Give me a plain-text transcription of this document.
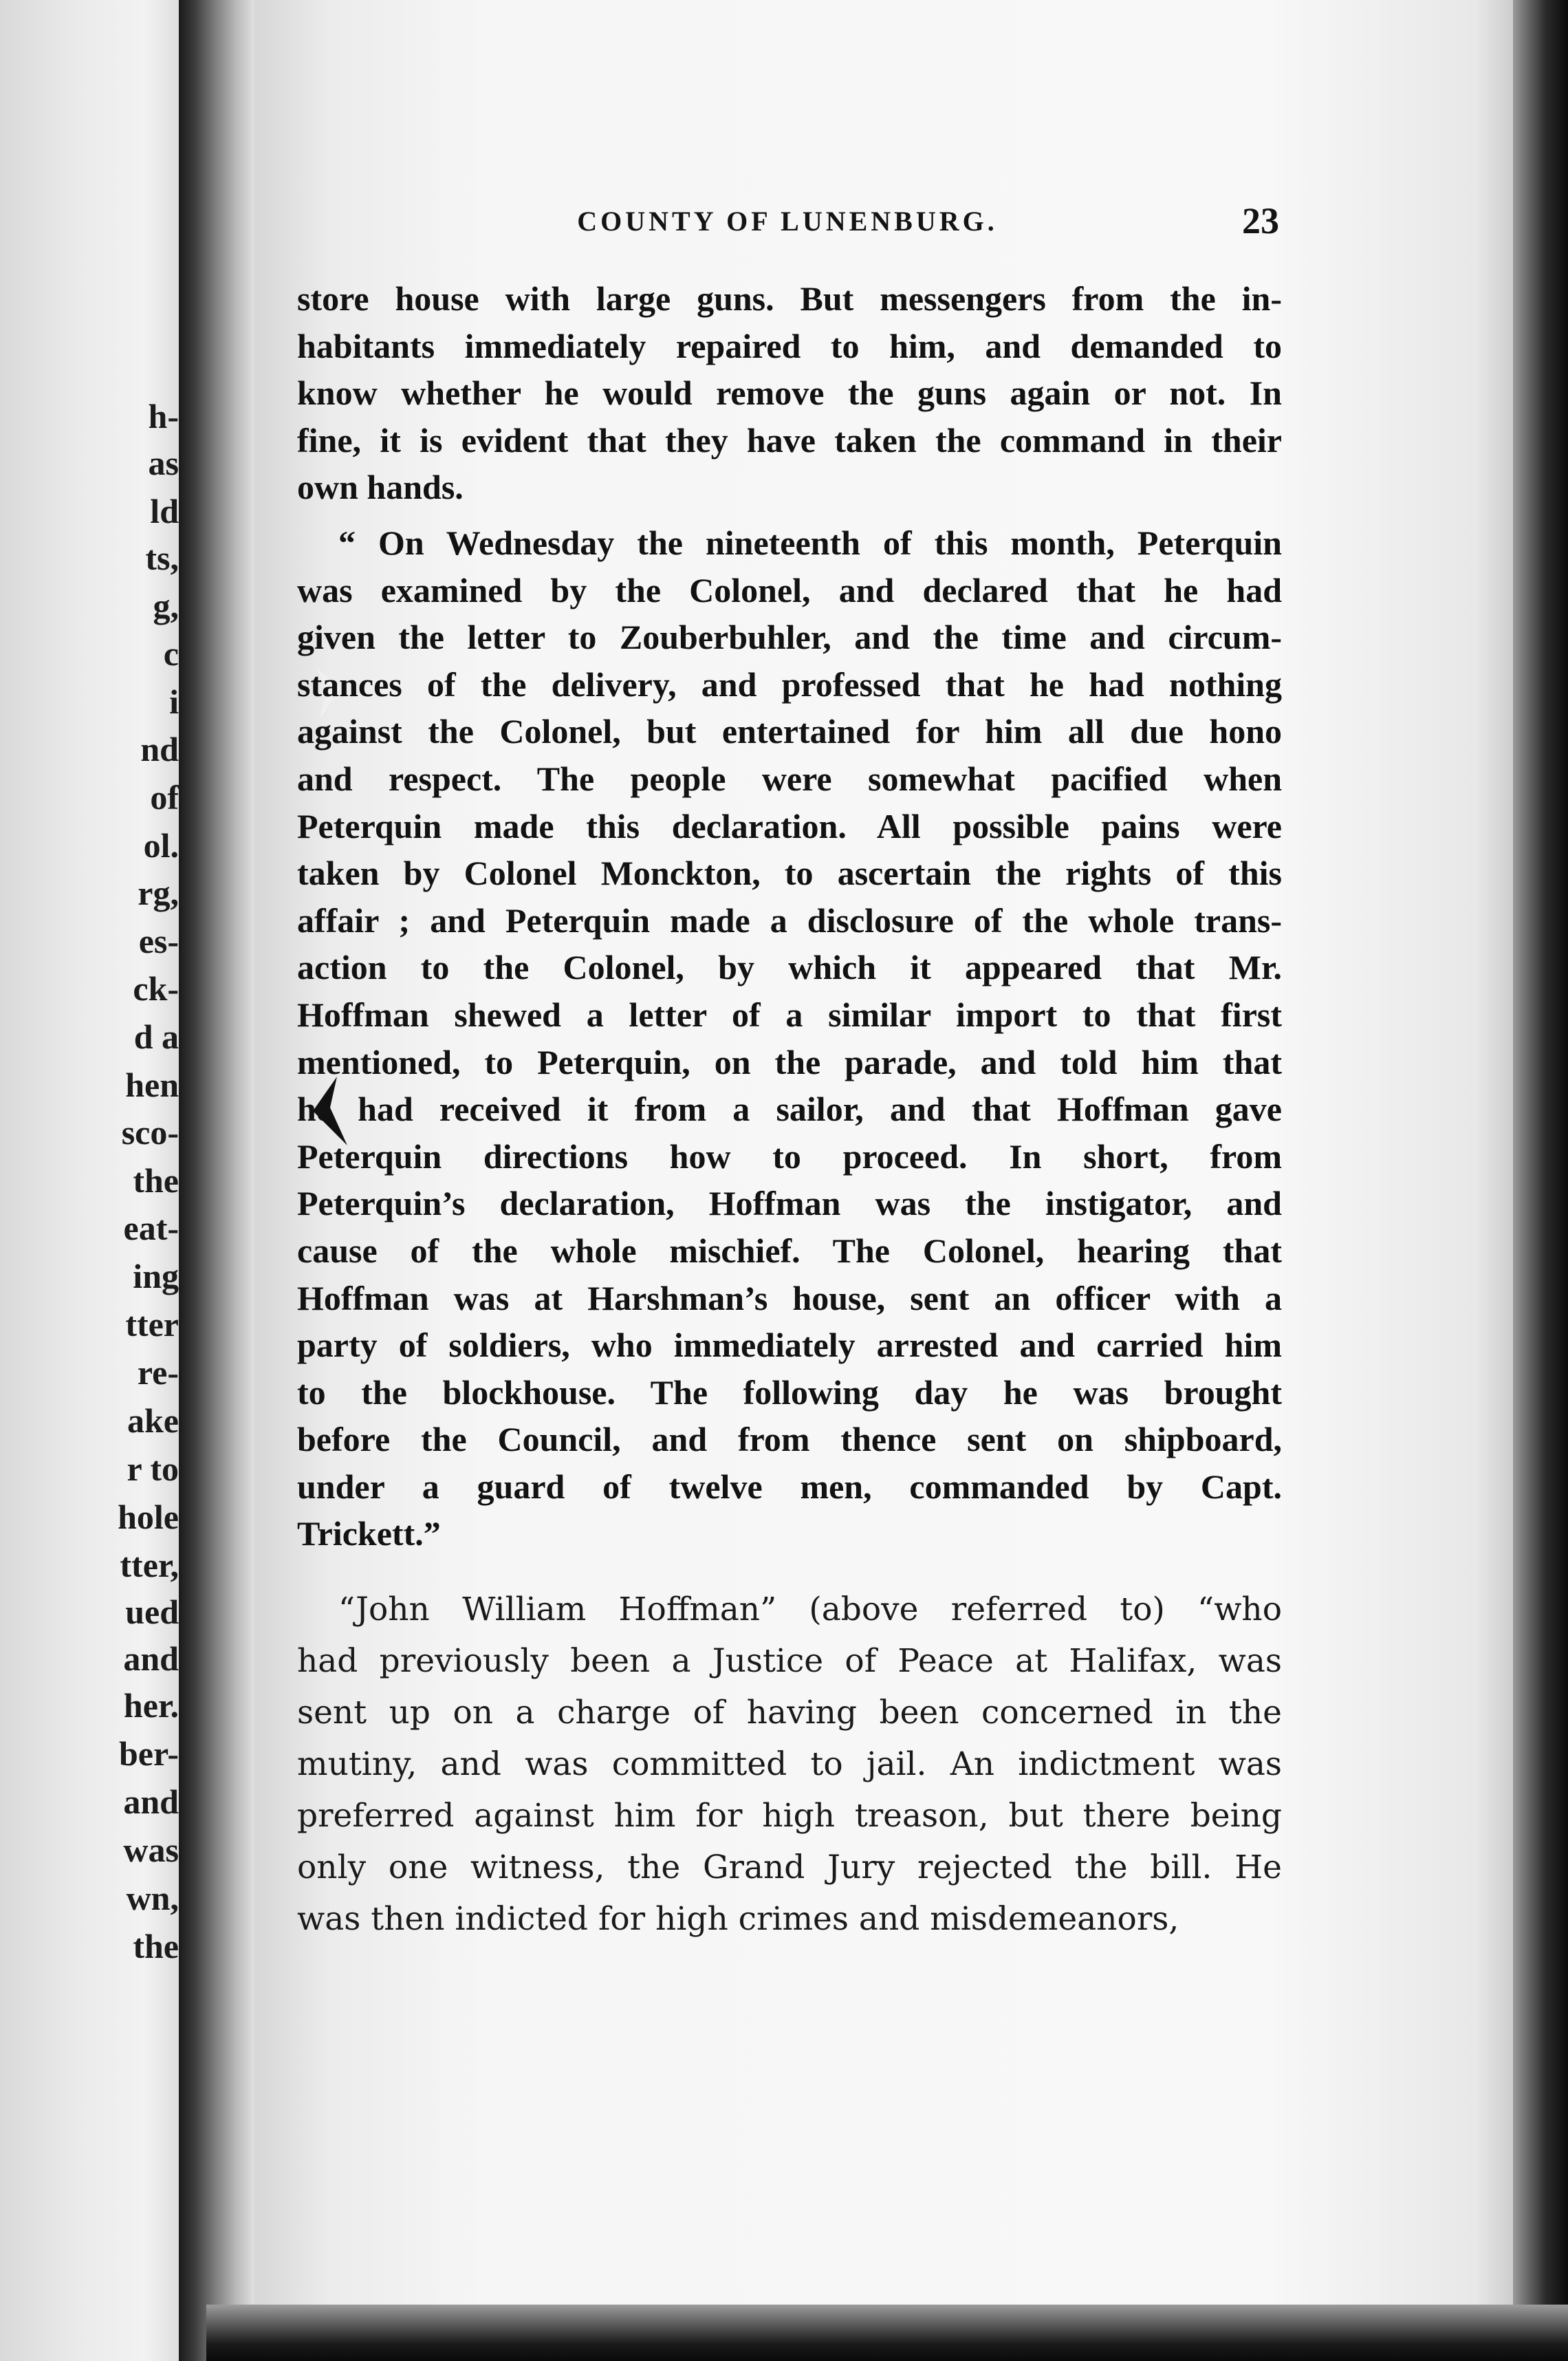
h-

as

ld

ts,

g,

c

i

nd

of

ol.

rg,

es-

ck-

d a

hen

sco-

the

eat-

ing

tter

re-

ake

r to

hole

tter,

ued

and

her.

ber-

and

was

wn,

the

COUNTY OF LUNENBURG.	23
store house with large guns. But messengers from the in-
habitants immediately repaired to him, and demanded to
know whether he would remove the guns again or not. In
fine, it is evident that they have taken the command in their
own hands.
“ On Wednesday the nineteenth of this month, Peterquin
was examined by the Colonel, and declared that he had
given the letter to Zouberbuhler, and the time and circum-
stances of the delivery, and professed that he had nothing
against the Colonel, but entertained for him all due hono
and respect. The people were somewhat pacified when
Peterquin made this declaration. All possible pains were
taken by Colonel Monckton, to ascertain the rights of this
affair ; and Peterquin made a disclosure of the whole trans-
action to the Colonel, by which it appeared that Mr.
Hoffman shewed a letter of a similar import to that first
mentioned, to Peterquin, on the parade, and told him that
he had received it from a sailor, and that Hoffman gave
Peterquin directions how to proceed. In short, from
Peterquin’s declaration, Hoffman was the instigator, and
cause of the whole mischief. The Colonel, hearing that
Hoffman was at Harshman’s house, sent an officer with a
party of soldiers, who immediately arrested and carried him
to the blockhouse. The following day he was brought
before the Council, and from thence sent on shipboard,
under a guard of twelve men, commanded by Capt.
Trickett.”
“John William Hoffman” (above referred to) “who
had previously been a Justice of Peace at Halifax, was
sent up on a charge of having been concerned in the
mutiny, and was committed to jail. An indictment was
preferred against him for high treason, but there being
only one witness, the Grand Jury rejected the bill. He
was then indicted for high crimes and misdemeanors,
